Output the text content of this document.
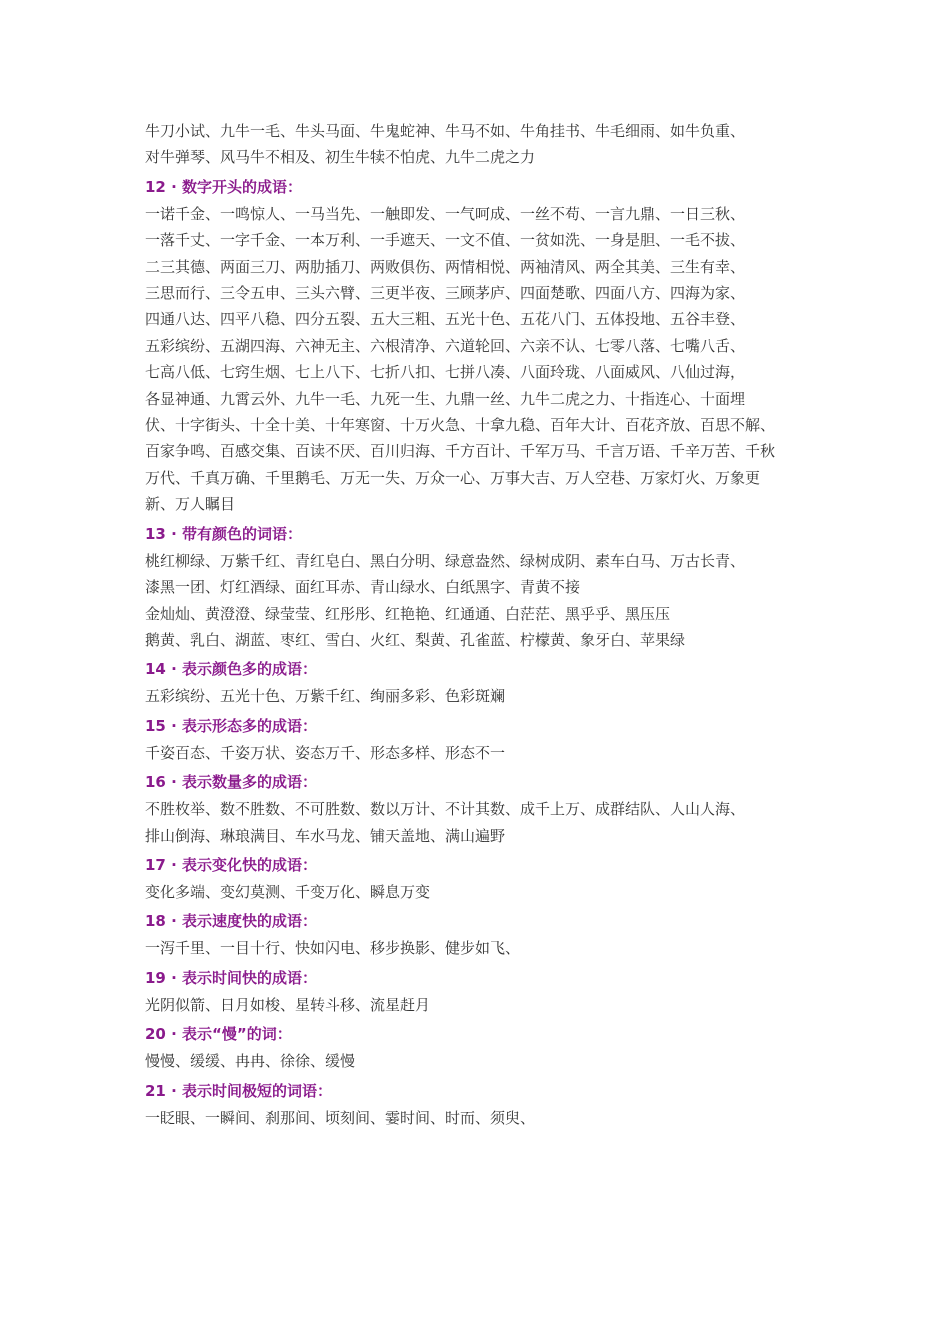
牛刀小试、九牛一毛、牛头马面、牛鬼蛇神、牛马不如、牛角挂书、牛毛细雨、如牛负重、

对牛弹琴、风马牛不相及、初生牛犊不怕虎、九牛二虎之力

12 · 数字开头的成语：

一诺千金、一鸣惊人、一马当先、一触即发、一气呵成、一丝不苟、一言九鼎、一日三秋、

一落千丈、一字千金、一本万利、一手遮天、一文不值、一贫如洗、一身是胆、一毛不拔、

二三其德、两面三刀、两肋插刀、两败俱伤、两情相悦、两袖清风、两全其美、三生有幸、

三思而行、三令五申、三头六臂、三更半夜、三顾茅庐、四面楚歌、四面八方、四海为家、

四通八达、四平八稳、四分五裂、五大三粗、五光十色、五花八门、五体投地、五谷丰登、

五彩缤纷、五湖四海、六神无主、六根清净、六道轮回、六亲不认、七零八落、七嘴八舌、

七高八低、七窍生烟、七上八下、七折八扣、七拼八凑、八面玲珑、八面威风、八仙过海，

各显神通、九霄云外、九牛一毛、九死一生、九鼎一丝、九牛二虎之力、十指连心、十面埋

伏、十字街头、十全十美、十年寒窗、十万火急、十拿九稳、百年大计、百花齐放、百思不解、

百家争鸣、百感交集、百读不厌、百川归海、千方百计、千军万马、千言万语、千辛万苦、千秋

万代、千真万确、千里鹅毛、万无一失、万众一心、万事大吉、万人空巷、万家灯火、万象更

新、万人瞩目

13 · 带有颜色的词语：

桃红柳绿、万紫千红、青红皂白、黑白分明、绿意盎然、绿树成阴、素车白马、万古长青、

漆黑一团、灯红酒绿、面红耳赤、青山绿水、白纸黑字、青黄不接

金灿灿、黄澄澄、绿莹莹、红彤彤、红艳艳、红通通、白茫茫、黑乎乎、黑压压

鹅黄、乳白、湖蓝、枣红、雪白、火红、梨黄、孔雀蓝、柠檬黄、象牙白、苹果绿

14 · 表示颜色多的成语：

五彩缤纷、五光十色、万紫千红、绚丽多彩、色彩斑斓

15 · 表示形态多的成语：

千姿百态、千姿万状、姿态万千、形态多样、形态不一

16 · 表示数量多的成语：

不胜枚举、数不胜数、不可胜数、数以万计、不计其数、成千上万、成群结队、人山人海、

排山倒海、琳琅满目、车水马龙、铺天盖地、满山遍野

17 · 表示变化快的成语：

变化多端、变幻莫测、千变万化、瞬息万变

18 · 表示速度快的成语：

一泻千里、一目十行、快如闪电、移步换影、健步如飞、

19 · 表示时间快的成语：

光阴似箭、日月如梭、星转斗移、流星赶月

20 · 表示“慢”的词：

慢慢、缓缓、冉冉、徐徐、缓慢

21 · 表示时间极短的词语：

一眨眼、一瞬间、刹那间、顷刻间、霎时间、时而、须臾、
